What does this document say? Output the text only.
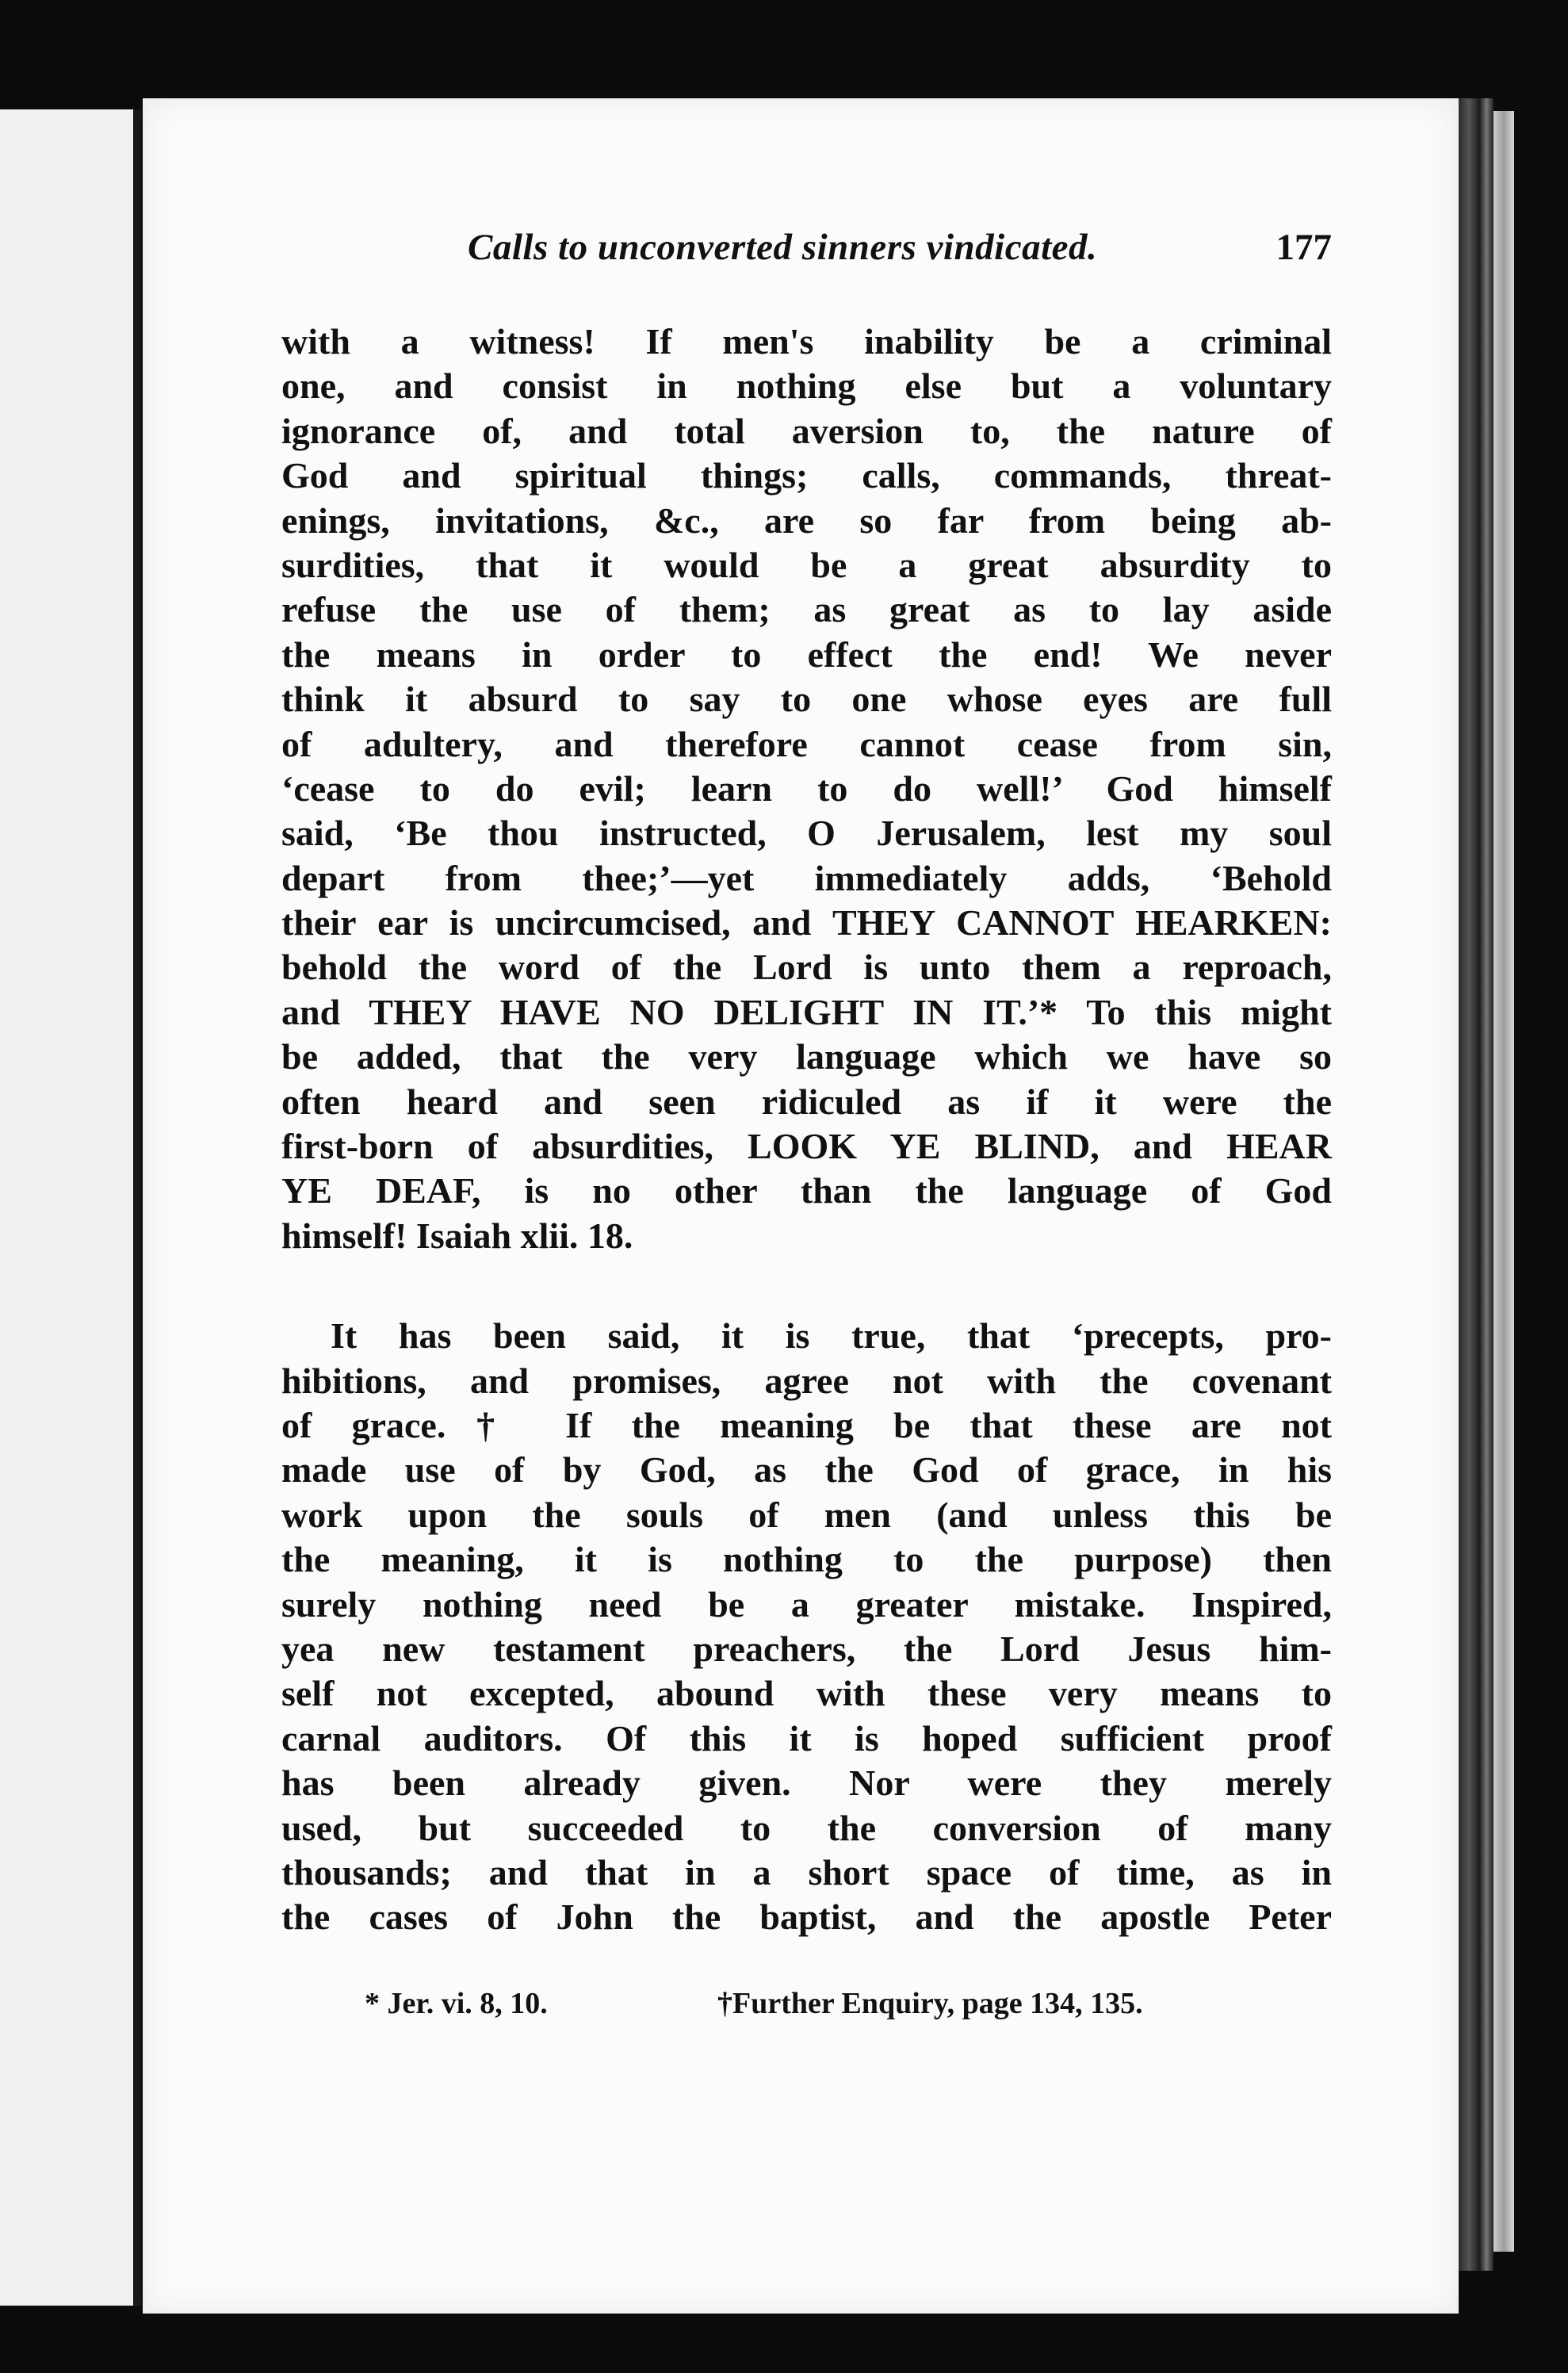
Calls to unconverted sinners vindicated.	177
with a witness! If men's inability be a criminal
one, and consist in nothing else but a voluntary
ignorance of, and total aversion to, the nature of
God and spiritual things; calls, commands, threat-
enings, invitations, &c., are so far from being ab-
surdities, that it would be a great absurdity to
refuse the use of them; as great as to lay aside
the means in order to effect the end! We never
think it absurd to say to one whose eyes are full
of adultery, and therefore cannot cease from sin,
‘cease to do evil; learn to do well!’ God himself
said, ‘Be thou instructed, O Jerusalem, lest my soul
depart from thee;’—yet immediately adds, ‘Behold
their ear is uncircumcised, and THEY CANNOT HEARKEN:
behold the word of the Lord is unto them a reproach,
and THEY HAVE NO DELIGHT IN IT.’* To this might
be added, that the very language which we have so
often heard and seen ridiculed as if it were the
first-born of absurdities, LOOK YE BLIND, and HEAR
YE DEAF, is no other than the language of God
himself! Isaiah xlii. 18.
It has been said, it is true, that ‘precepts, pro-
hibitions, and promises, agree not with the covenant
of grace.† If the meaning be that these are not
made use of by God, as the God of grace, in his
work upon the souls of men (and unless this be
the meaning, it is nothing to the purpose) then
surely nothing need be a greater mistake. Inspired,
yea new testament preachers, the Lord Jesus him-
self not excepted, abound with these very means to
carnal auditors. Of this it is hoped sufficient proof
has been already given. Nor were they merely
used, but succeeded to the conversion of many
thousands; and that in a short space of time, as in
the cases of John the baptist, and the apostle Peter
* Jer. vi. 8, 10.	†Further Enquiry, page 134, 135.
